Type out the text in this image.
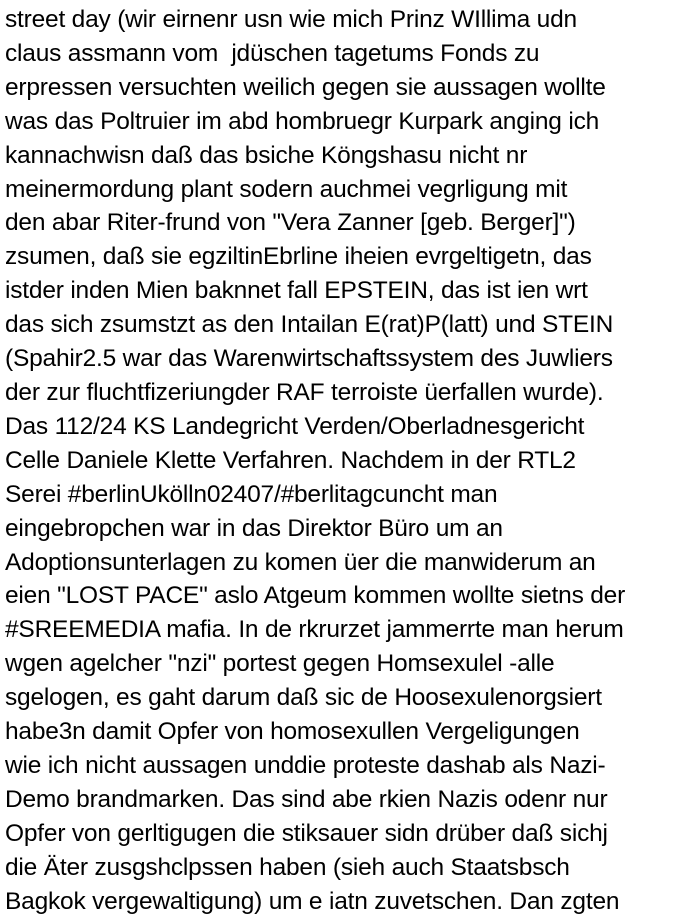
street day (wir eirnenr usn wie mich Prinz WIllima udn
claus assmann vom  jdüschen tagetums Fonds zu
erpressen versuchten weilich gegen sie aussagen wollte
was das Poltruier im abd hombruegr Kurpark anging ich
kannachwisn daß das bsiche Köngshasu nicht nr
meinermordung plant sodern auchmei vegrligung mit
den abar Riter-frund von "Vera Zanner [geb. Berger]")
zsumen, daß sie egziltinEbrline iheien evrgeltigetn, das
istder inden Mien baknnet fall EPSTEIN, das ist ien wrt
das sich zsumstzt as den Intailan E(rat)P(latt) und STEIN
(Spahir2.5 war das Warenwirtschaftssystem des Juwliers
der zur fluchtfizeriungder RAF terroiste üerfallen wurde).
Das 112/24 KS Landegricht Verden/Oberladnesgericht
Celle Daniele Klette Verfahren. Nachdem in der RTL2
Serei #berlinUkölln02407/#berlitagcuncht man
eingebropchen war in das Direktor Büro um an
Adoptionsunterlagen zu komen üer die manwiderum an
eien "LOST PACE" aslo Atgeum kommen wollte sietns der
#SREEMEDIA mafia. In de rkrurzet jammerrte man herum
wgen agelcher "nzi" portest gegen Homsexulel -alle
sgelogen, es gaht darum daß sic de Hoosexulenorgsiert
habe3n damit Opfer von homosexullen Vergeligungen
wie ich nicht aussagen unddie proteste dashab als Nazi-
Demo brandmarken. Das sind abe rkien Nazis odenr nur
Opfer von gerltigugen die stiksauer sidn drüber daß sichj
die Äter zusgshclpssen haben (sieh auch Staatsbsch
Bagkok vergewaltigung) um e iatn zuvetschen. Dan zgten
